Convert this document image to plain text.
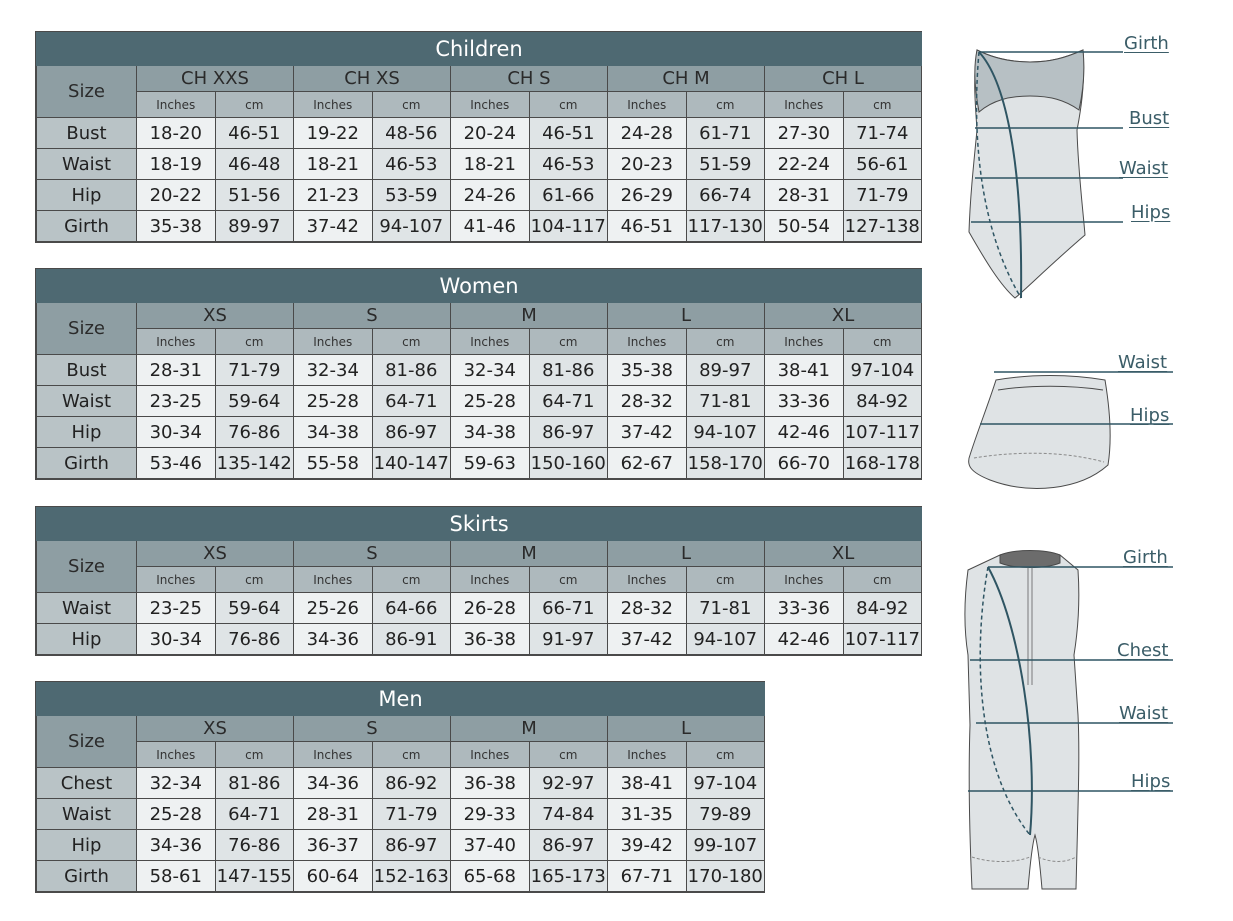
Children										
Size	CH XXS		CH XS		CH S		CH M		CH L	
	Inches	cm	Inches	cm	Inches	cm	Inches	cm	Inches	cm
Bust	18-20	46-51	19-22	48-56	20-24	46-51	24-28	61-71	27-30	71-74
Waist	18-19	46-48	18-21	46-53	18-21	46-53	20-23	51-59	22-24	56-61
Hip	20-22	51-56	21-23	53-59	24-26	61-66	26-29	66-74	28-31	71-79
Girth	35-38	89-97	37-42	94-107	41-46	104-117	46-51	117-130	50-54	127-138
Women										
Size	XS		S		M		L		XL	
	Inches	cm	Inches	cm	Inches	cm	Inches	cm	Inches	cm
Bust	28-31	71-79	32-34	81-86	32-34	81-86	35-38	89-97	38-41	97-104
Waist	23-25	59-64	25-28	64-71	25-28	64-71	28-32	71-81	33-36	84-92
Hip	30-34	76-86	34-38	86-97	34-38	86-97	37-42	94-107	42-46	107-117
Girth	53-46	135-142	55-58	140-147	59-63	150-160	62-67	158-170	66-70	168-178
Skirts										
Size	XS		S		M		L		XL	
	Inches	cm	Inches	cm	Inches	cm	Inches	cm	Inches	cm
Waist	23-25	59-64	25-26	64-66	26-28	66-71	28-32	71-81	33-36	84-92
Hip	30-34	76-86	34-36	86-91	36-38	91-97	37-42	94-107	42-46	107-117
Men								
Size	XS		S		M		L	
	Inches	cm	Inches	cm	Inches	cm	Inches	cm
Chest	32-34	81-86	34-36	86-92	36-38	92-97	38-41	97-104
Waist	25-28	64-71	28-31	71-79	29-33	74-84	31-35	79-89
Hip	34-36	76-86	36-37	86-97	37-40	86-97	39-42	99-107
Girth	58-61	147-155	60-64	152-163	65-68	165-173	67-71	170-180
Girth
Bust
Waist
Hips
Waist
Hips
Girth
Chest
Waist
Hips
